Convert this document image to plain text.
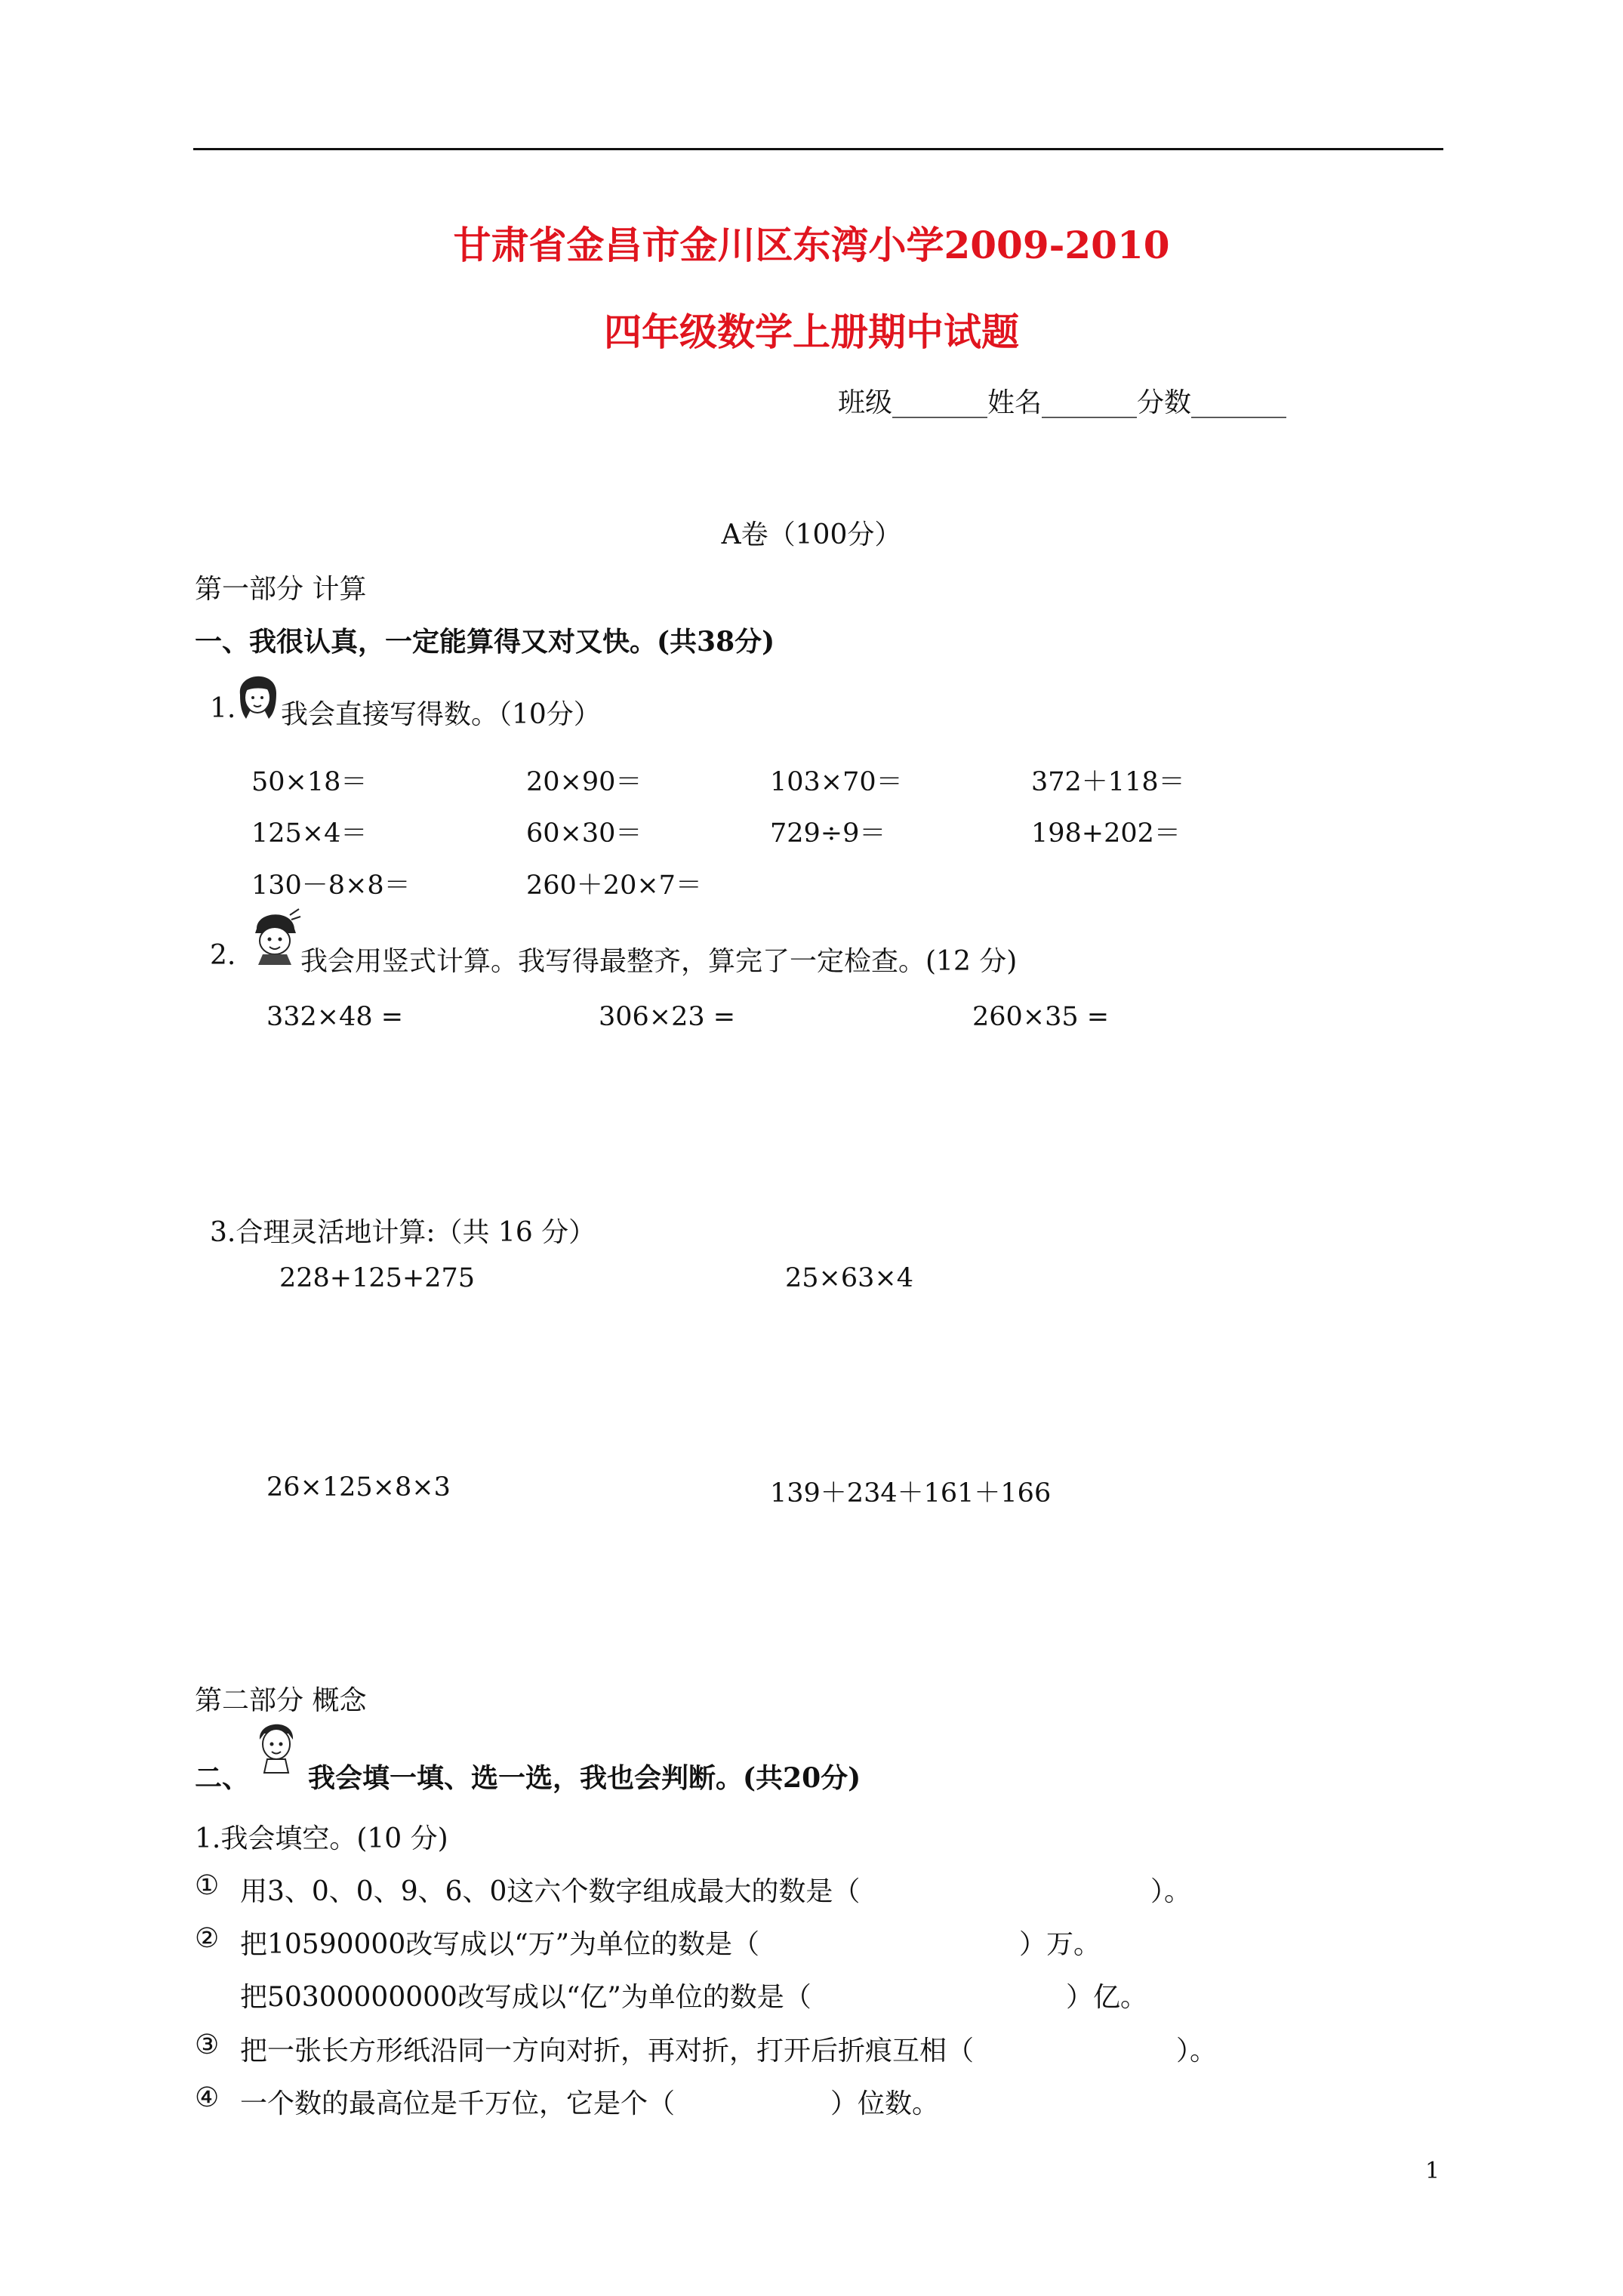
甘肃省金昌市金川区东湾小学2009-2010
四年级数学上册期中试题
班级_______姓名_______分数_______
A卷（100分）
第一部分 计算
一、我很认真，一定能算得又对又快。(共38分)
1. 我会直接写得数。（10分）
50×18＝	20×90＝	103×70＝	372＋118＝
125×4＝	60×30＝	729÷9＝	198+202＝
130－8×8＝	260＋20×7＝
2. 我会用竖式计算。我写得最整齐，算完了一定检查。(12 分)
332×48 =	306×23 =	260×35 =
3.合理灵活地计算:（共 16 分）
228+125+275	25×63×4
26×125×8×3	139＋234＋161＋166
第二部分 概念
二、 我会填一填、选一选，我也会判断。(共20分)
1.我会填空。(10 分)
① 用3、0、0、9、6、0这六个数字组成最大的数是（	）。
② 把10590000改写成以“万”为单位的数是（	）万。
把50300000000改写成以“亿”为单位的数是（	）亿。
③ 把一张长方形纸沿同一方向对折，再对折，打开后折痕互相（	）。
④ 一个数的最高位是千万位，它是个（	）位数。
1
